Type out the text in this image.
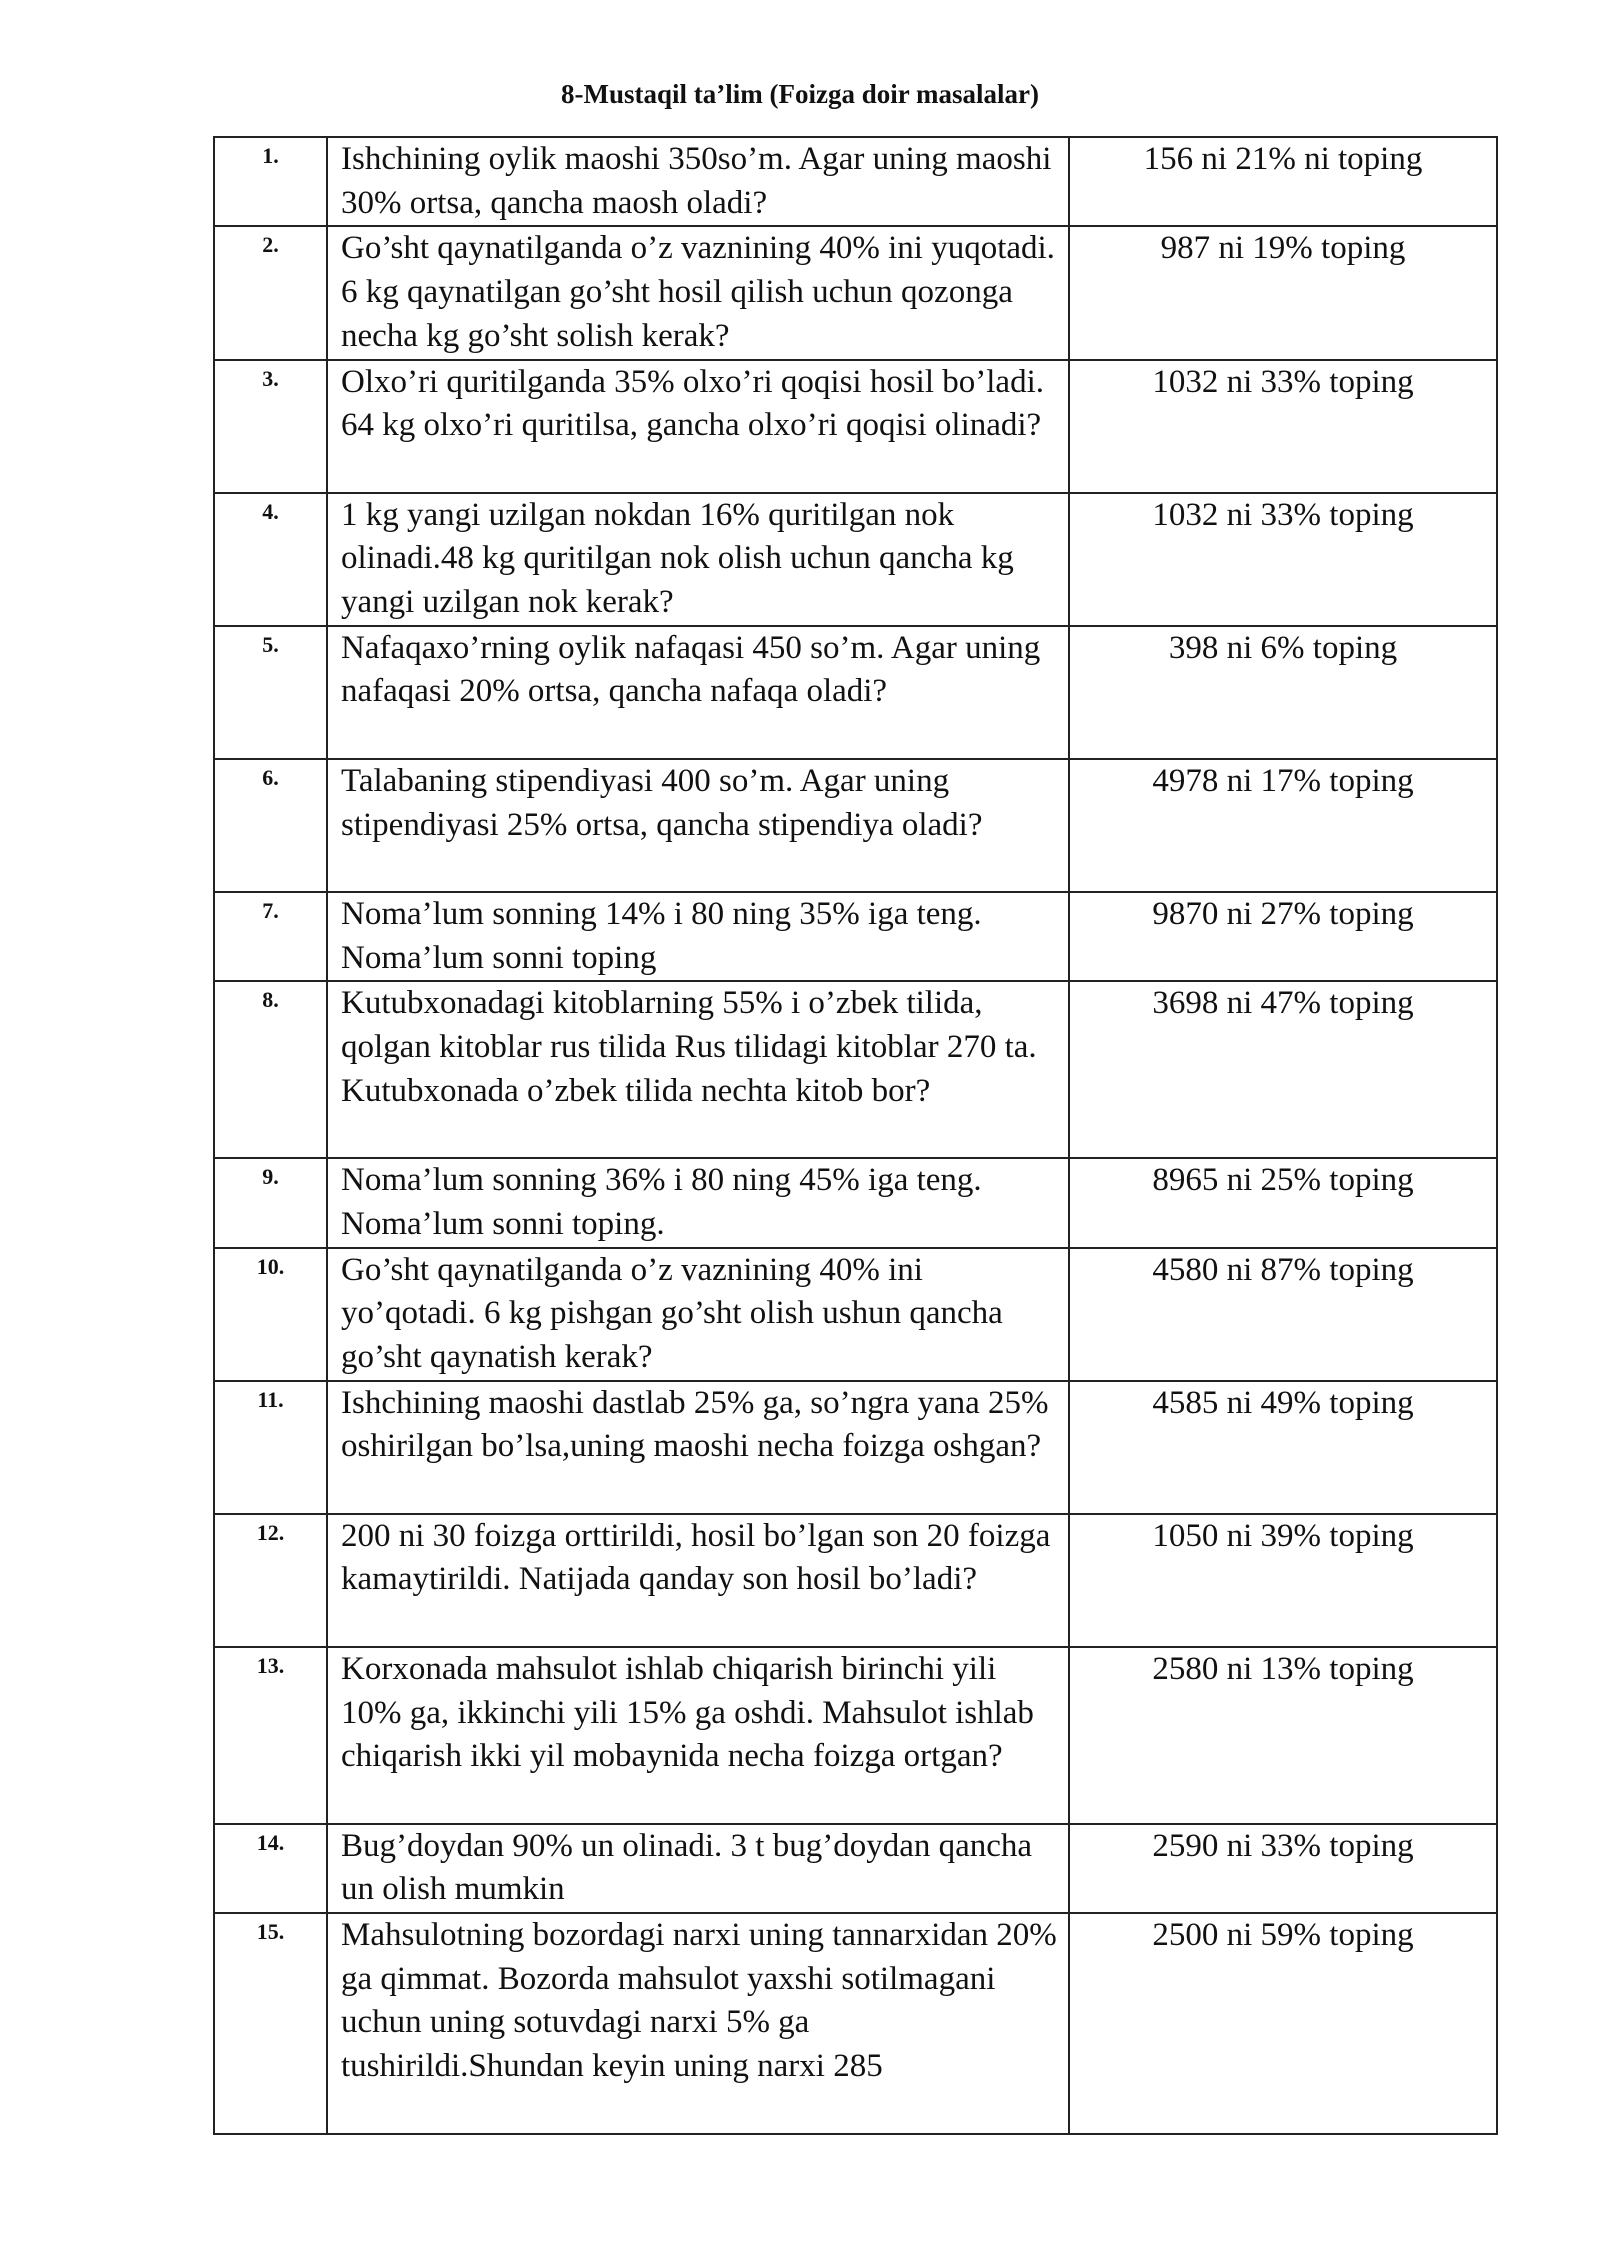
8-Mustaqil ta’lim (Foizga doir masalalar)
1.	Ishchining oylik maoshi 350so’m. Agar uning maoshi 30% ortsa, qancha maosh oladi?	156 ni 21% ni toping
2.	Go’sht qaynatilganda o’z vaznining 40% ini yuqotadi. 6 kg qaynatilgan go’sht hosil qilish uchun qozonga necha kg go’sht solish kerak?	987 ni 19% toping
3.	Olxo’ri quritilganda 35% olxo’ri qoqisi hosil bo’ladi. 64 kg olxo’ri quritilsa, gancha olxo’ri qoqisi olinadi?	1032 ni 33% toping
4.	1 kg yangi uzilgan nokdan 16% quritilgan nok olinadi.48 kg quritilgan nok olish uchun qancha kg yangi uzilgan nok kerak?	1032 ni 33% toping
5.	Nafaqaxo’rning oylik nafaqasi 450 so’m. Agar uning nafaqasi 20% ortsa, qancha nafaqa oladi?	398 ni 6% toping
6.	Talabaning stipendiyasi 400 so’m. Agar uning stipendiyasi 25% ortsa, qancha stipendiya oladi?	4978 ni 17% toping
7.	Noma’lum sonning 14% i 80 ning 35% iga teng. Noma’lum sonni toping	9870 ni 27% toping
8.	Kutubxonadagi kitoblarning 55% i o’zbek tilida, qolgan kitoblar rus tilida Rus tilidagi kitoblar 270 ta. Kutubxonada o’zbek tilida nechta kitob bor?	3698 ni 47% toping
9.	Noma’lum sonning 36% i 80 ning 45% iga teng. Noma’lum sonni toping.	8965 ni 25% toping
10.	Go’sht qaynatilganda o’z vaznining 40% ini yo’qotadi. 6 kg pishgan go’sht olish ushun qancha go’sht qaynatish kerak?	4580 ni 87% toping
11.	Ishchining maoshi dastlab 25% ga, so’ngra yana 25% oshirilgan bo’lsa,uning maoshi necha foizga oshgan?	4585 ni 49% toping
12.	200 ni 30 foizga orttirildi, hosil bo’lgan son 20 foizga kamaytirildi. Natijada qanday son hosil bo’ladi?	1050 ni 39% toping
13.	Korxonada mahsulot ishlab chiqarish birinchi yili 10% ga, ikkinchi yili 15% ga oshdi. Mahsulot ishlab chiqarish ikki yil mobaynida necha foizga ortgan?	2580 ni 13% toping
14.	Bug’doydan 90% un olinadi. 3 t bug’doydan qancha un olish mumkin	2590 ni 33% toping
15.	Mahsulotning bozordagi narxi uning tannarxidan 20% ga qimmat. Bozorda mahsulot yaxshi sotilmagani uchun uning sotuvdagi narxi 5% ga tushirildi.Shundan keyin uning narxi 285	2500 ni 59% toping
